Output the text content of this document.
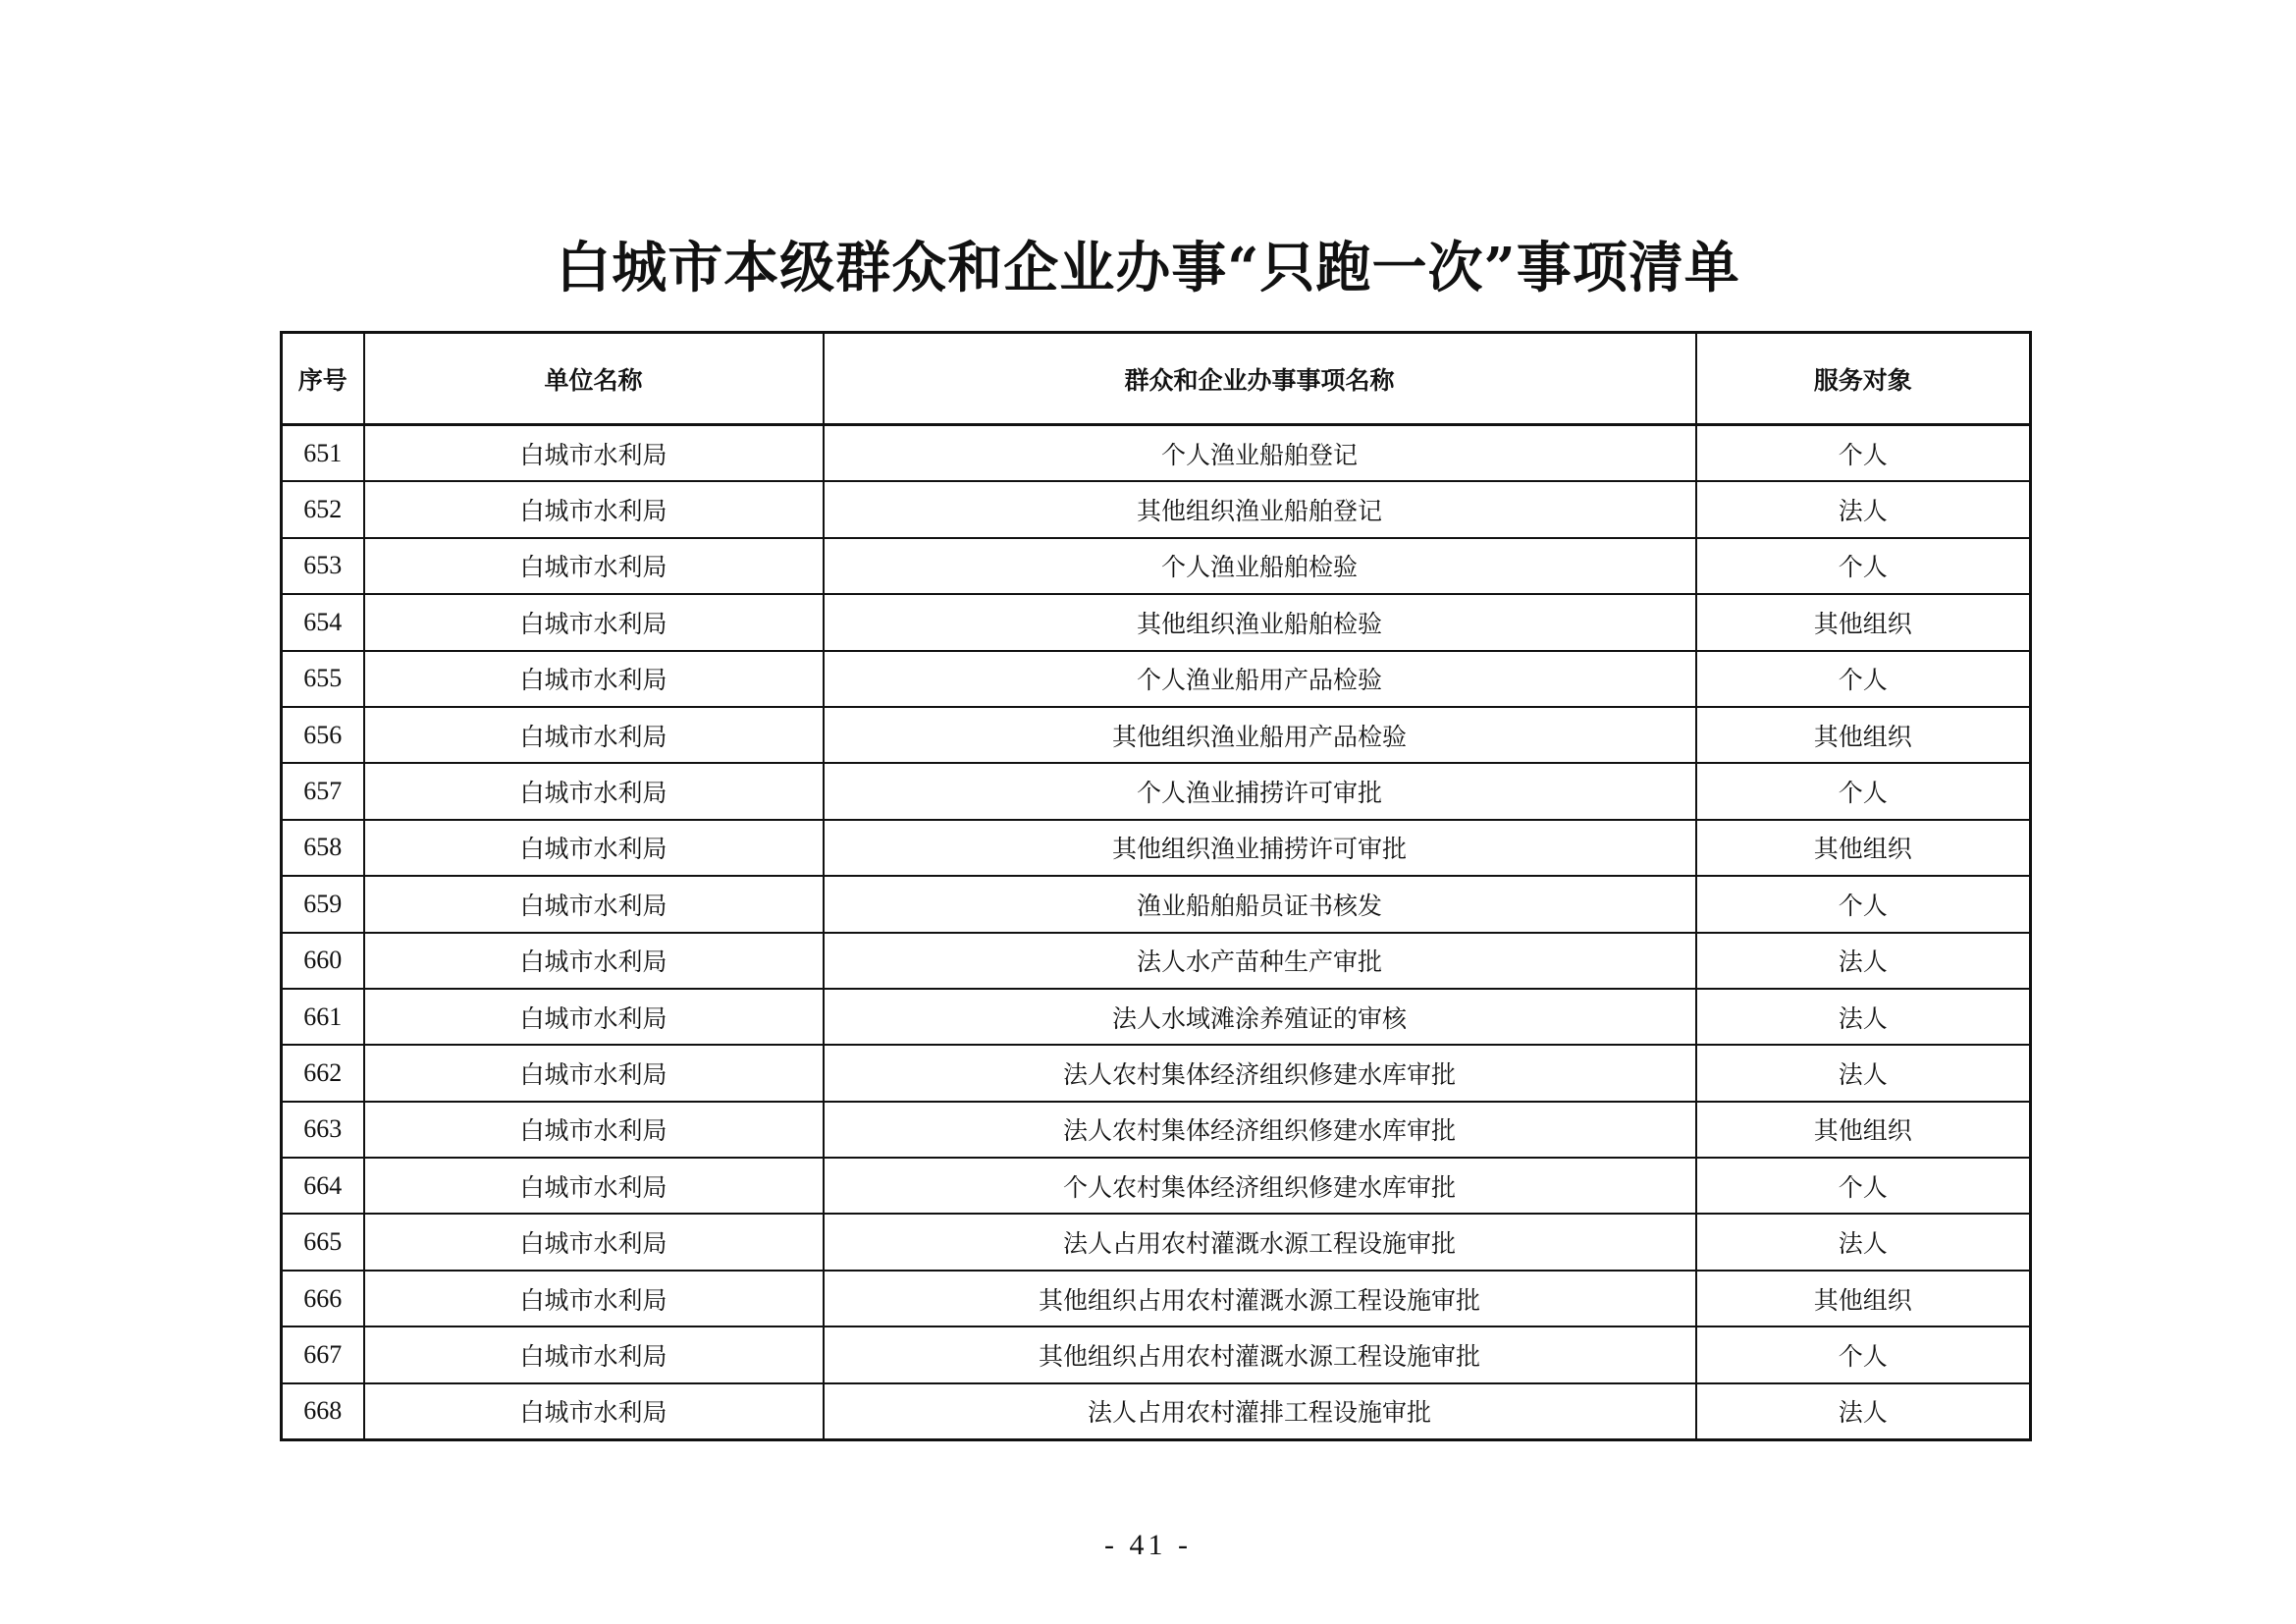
白城市本级群众和企业办事“只跑一次”事项清单
序号	单位名称	群众和企业办事事项名称	服务对象
651	白城市水利局	个人渔业船舶登记	个人
652	白城市水利局	其他组织渔业船舶登记	法人
653	白城市水利局	个人渔业船舶检验	个人
654	白城市水利局	其他组织渔业船舶检验	其他组织
655	白城市水利局	个人渔业船用产品检验	个人
656	白城市水利局	其他组织渔业船用产品检验	其他组织
657	白城市水利局	个人渔业捕捞许可审批	个人
658	白城市水利局	其他组织渔业捕捞许可审批	其他组织
659	白城市水利局	渔业船舶船员证书核发	个人
660	白城市水利局	法人水产苗种生产审批	法人
661	白城市水利局	法人水域滩涂养殖证的审核	法人
662	白城市水利局	法人农村集体经济组织修建水库审批	法人
663	白城市水利局	法人农村集体经济组织修建水库审批	其他组织
664	白城市水利局	个人农村集体经济组织修建水库审批	个人
665	白城市水利局	法人占用农村灌溉水源工程设施审批	法人
666	白城市水利局	其他组织占用农村灌溉水源工程设施审批	其他组织
667	白城市水利局	其他组织占用农村灌溉水源工程设施审批	个人
668	白城市水利局	法人占用农村灌排工程设施审批	法人
- 41 -
